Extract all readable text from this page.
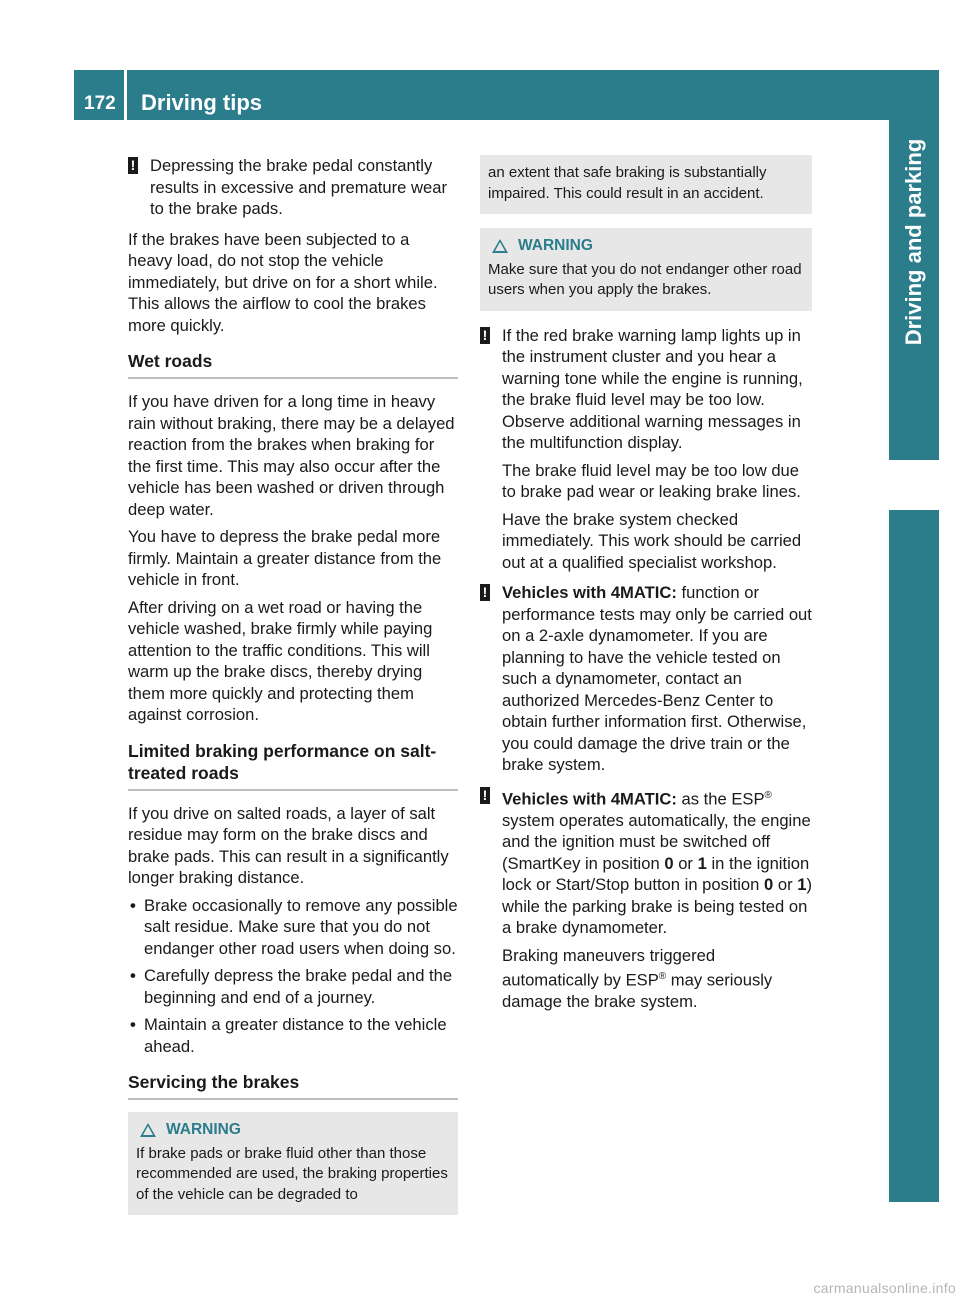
172 Driving tips
Driving and parking

! Depressing the brake pedal constantly results in excessive and premature wear to the brake pads.

If the brakes have been subjected to a heavy load, do not stop the vehicle immediately, but drive on for a short while. This allows the airflow to cool the brakes more quickly.

Wet roads

If you have driven for a long time in heavy rain without braking, there may be a delayed reaction from the brakes when braking for the first time. This may also occur after the vehicle has been washed or driven through deep water.

You have to depress the brake pedal more firmly. Maintain a greater distance from the vehicle in front.

After driving on a wet road or having the vehicle washed, brake firmly while paying attention to the traffic conditions. This will warm up the brake discs, thereby drying them more quickly and protecting them against corrosion.

Limited braking performance on salt-treated roads

If you drive on salted roads, a layer of salt residue may form on the brake discs and brake pads. This can result in a significantly longer braking distance.

• Brake occasionally to remove any possible salt residue. Make sure that you do not endanger other road users when doing so.
• Carefully depress the brake pedal and the beginning and end of a journey.
• Maintain a greater distance to the vehicle ahead.
Servicing the brakes
WARNING
If brake pads or brake fluid other than those recommended are used, the braking properties of the vehicle can be degraded to
an extent that safe braking is substantially impaired. This could result in an accident.
WARNING
Make sure that you do not endanger other road users when you apply the brakes.
! If the red brake warning lamp lights up in the instrument cluster and you hear a warning tone while the engine is running, the brake fluid level may be too low. Observe additional warning messages in the multifunction display.

The brake fluid level may be too low due to brake pad wear or leaking brake lines.

Have the brake system checked immediately. This work should be carried out at a qualified specialist workshop.

! Vehicles with 4MATIC: function or performance tests may only be carried out on a 2-axle dynamometer. If you are planning to have the vehicle tested on such a dynamometer, contact an authorized Mercedes-Benz Center to obtain further information first. Otherwise, you could damage the drive train or the brake system.

! Vehicles with 4MATIC: as the ESP® system operates automatically, the engine and the ignition must be switched off (SmartKey in position 0 or 1 in the ignition lock or Start/Stop button in position 0 or 1) while the parking brake is being tested on a brake dynamometer.

Braking maneuvers triggered automatically by ESP® may seriously damage the brake system.

carmanualsonline.info
